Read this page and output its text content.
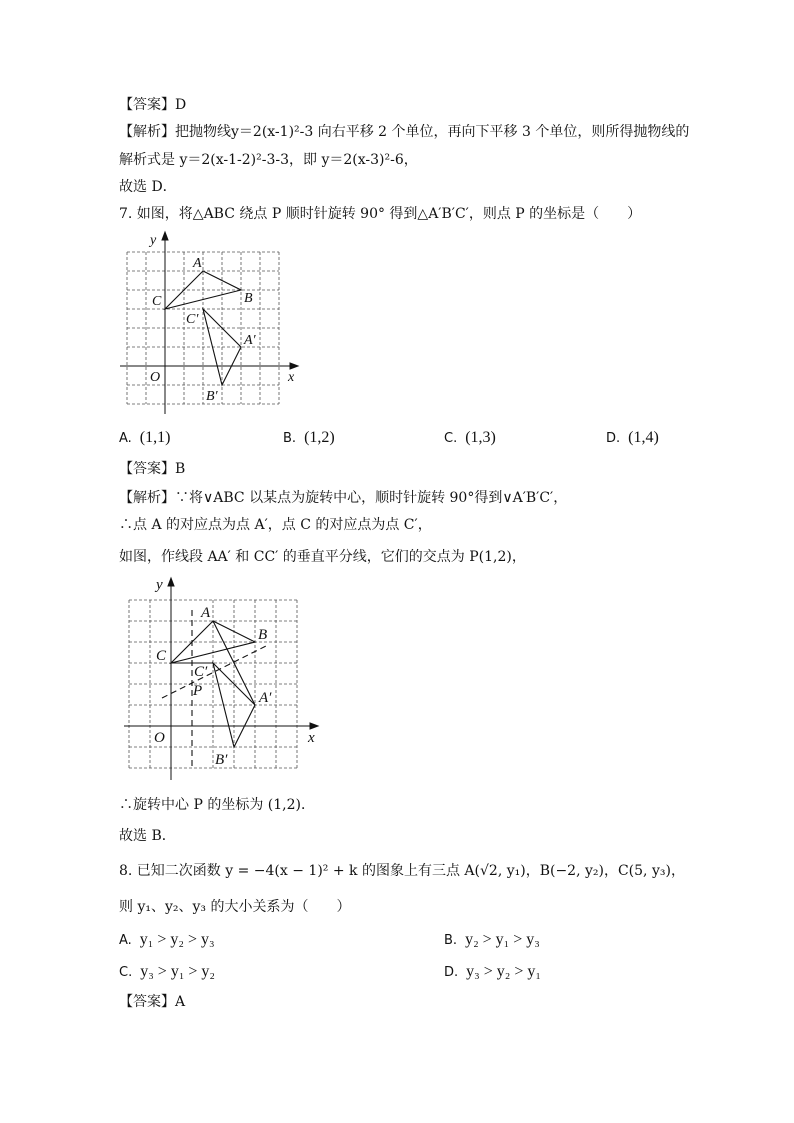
【答案】D
【解析】把抛物线y＝2(x-1)²-3 向右平移 2 个单位，再向下平移 3 个单位，则所得抛物线的
解析式是 y＝2(x-1-2)²-3-3，即 y＝2(x-3)²-6，
故选 D．
7. 如图，将△ABC 绕点 P 顺时针旋转 90° 得到△A′B′C′，则点 P 的坐标是（　　）
y
x
O
A
B
C
C′
A′
B′
A. (1,1)	B. (1,2)	C. (1,3)	D. (1,4)
【答案】B
【解析】∵将∨ABC 以某点为旋转中心，顺时针旋转 90°得到∨A′B′C′，
∴点 A 的对应点为点 A′，点 C 的对应点为点 C′，
如图，作线段 AA′ 和 CC′ 的垂直平分线，它们的交点为 P(1,2)，
y
x
O
A
B
C
C′
P	A′
B′
∴旋转中心 P 的坐标为 (1,2)．
故选 B．
8. 已知二次函数 y = −4(x − 1)² + k 的图象上有三点 A(√2, y₁)，B(−2, y₂)，C(5, y₃)，
则 y₁、y₂、y₃ 的大小关系为（　　）
A. y₁ > y₂ > y₃	B. y₂ > y₁ > y₃
C. y₃ > y₁ > y₂	D. y₃ > y₂ > y₁
【答案】A
